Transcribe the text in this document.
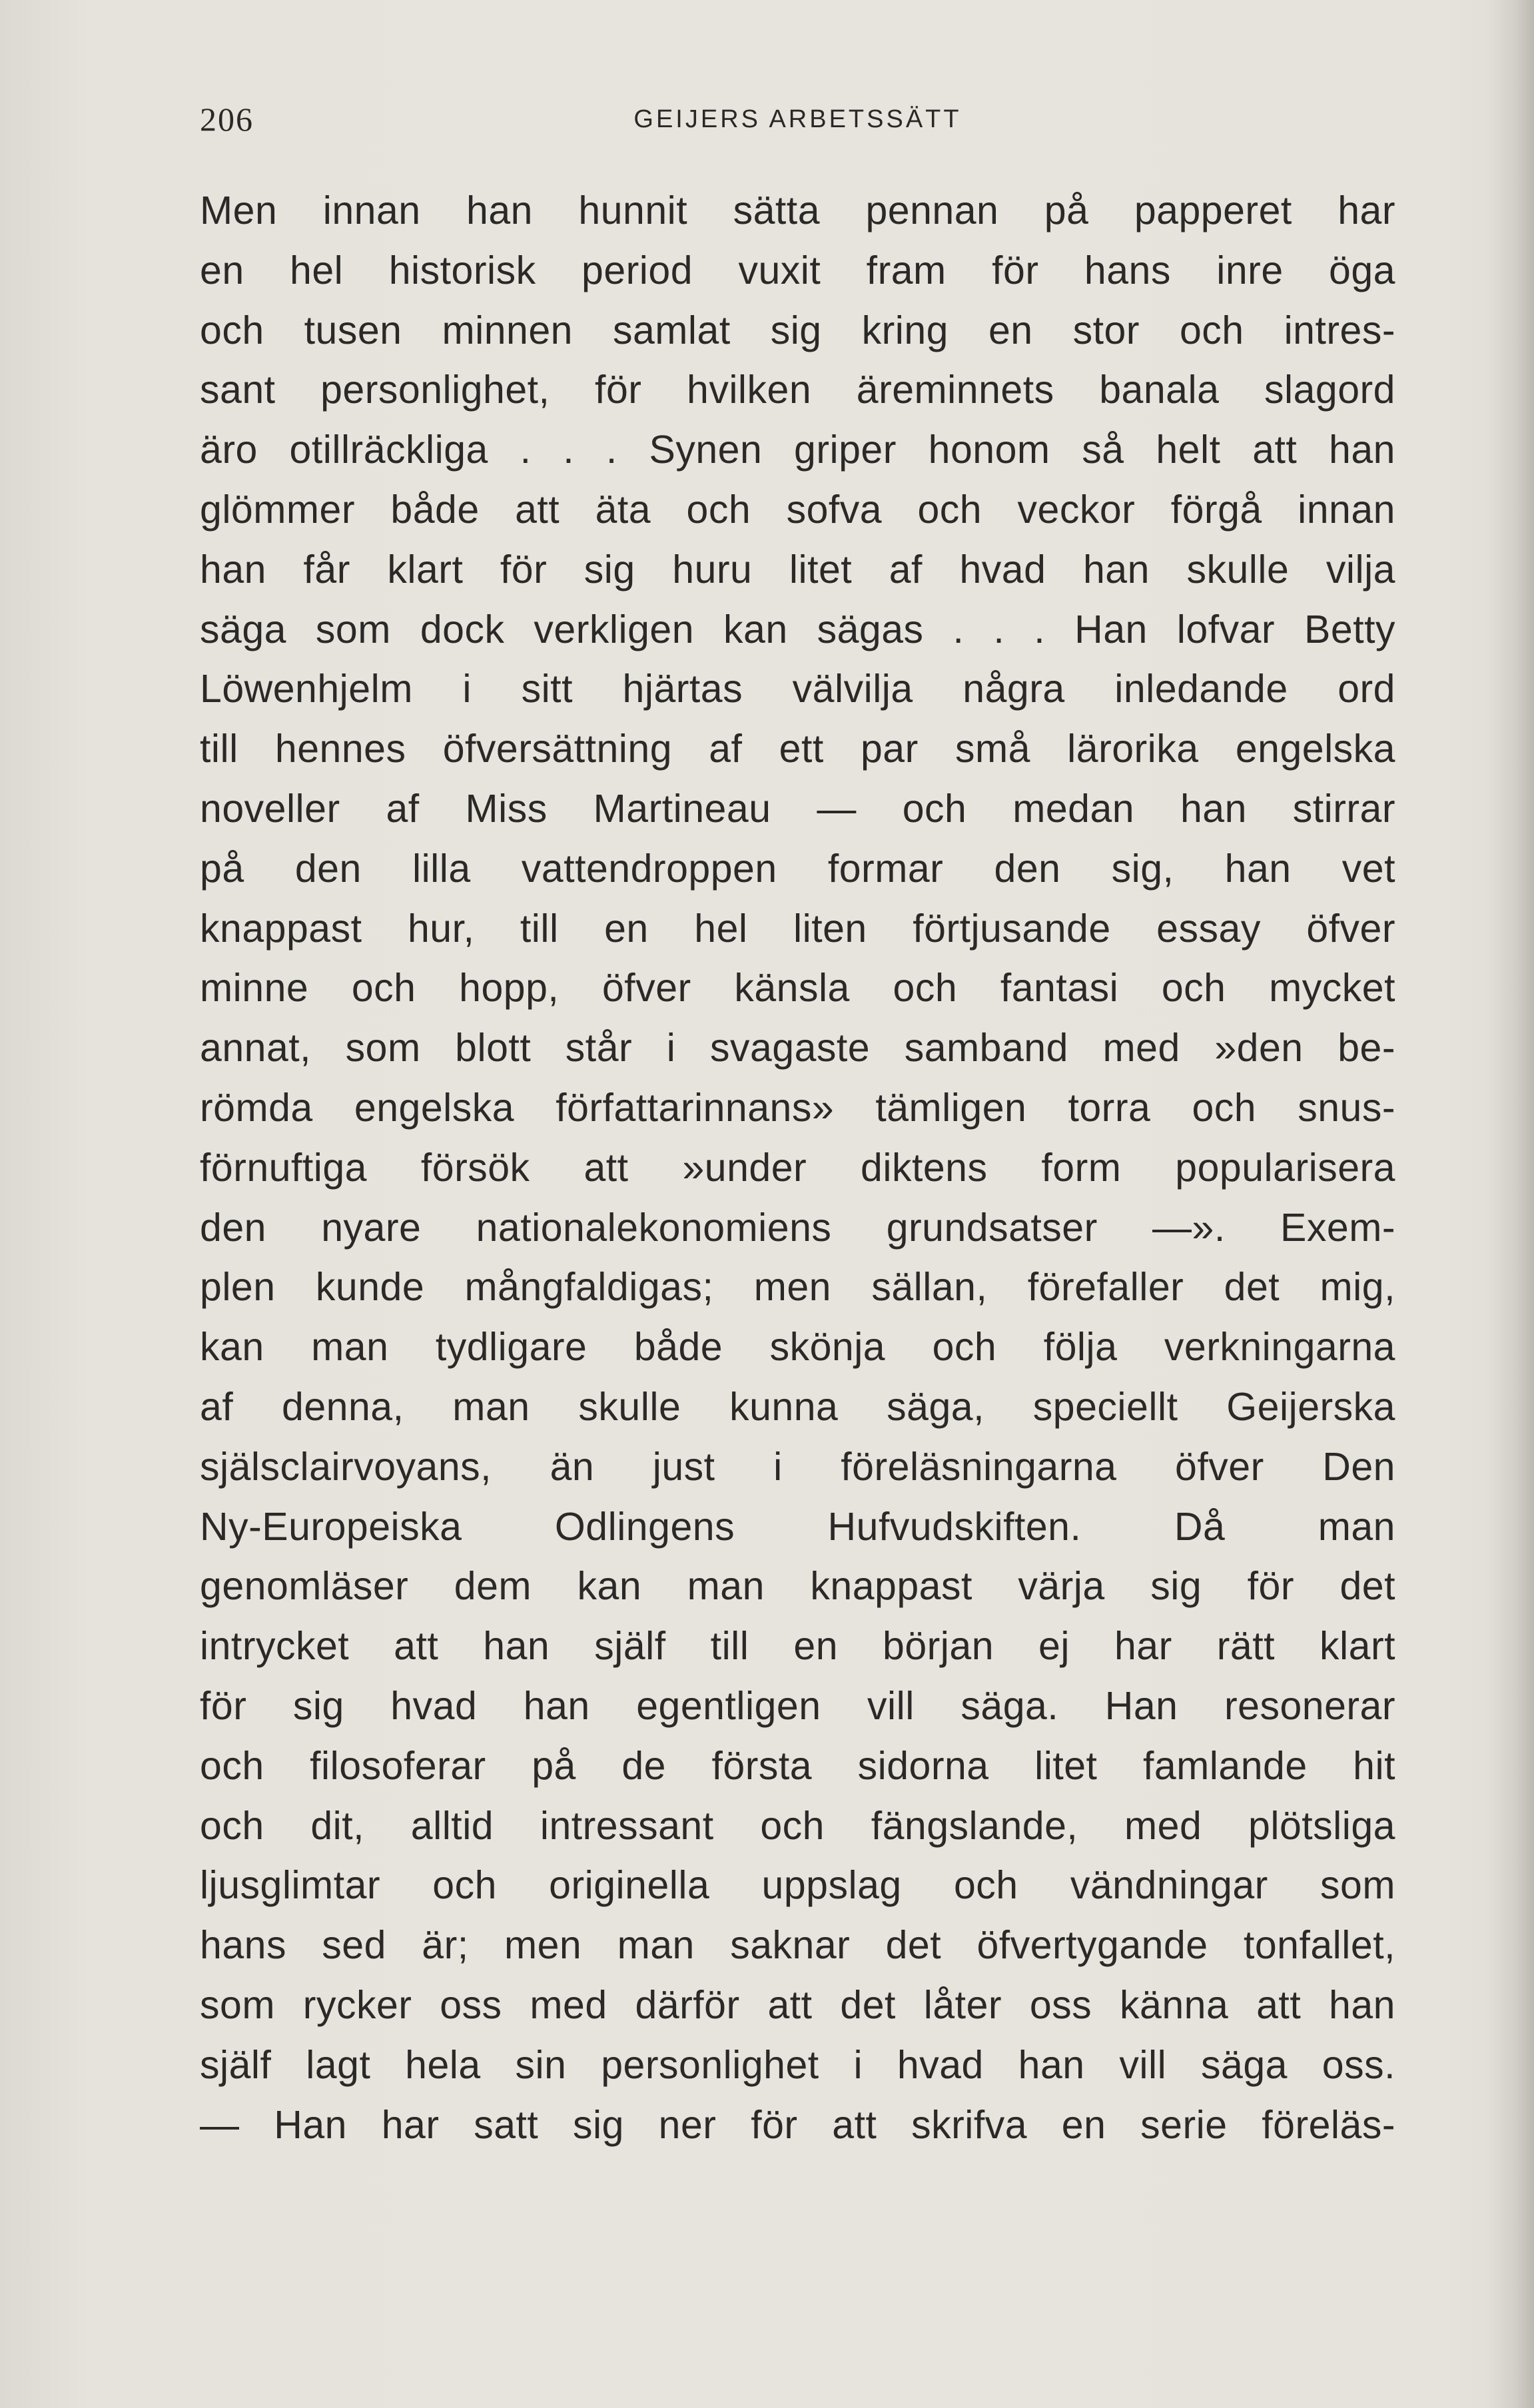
206	GEIJERS ARBETSSÄTT
Men innan han hunnit sätta pennan på papperet har
en hel historisk period vuxit fram för hans inre öga
och tusen minnen samlat sig kring en stor och intres-
sant personlighet, för hvilken äreminnets banala slagord
äro otillräckliga . . . Synen griper honom så helt att han
glömmer både att äta och sofva och veckor förgå innan
han får klart för sig huru litet af hvad han skulle vilja
säga som dock verkligen kan sägas . . . Han lofvar Betty
Löwenhjelm i sitt hjärtas välvilja några inledande ord
till hennes öfversättning af ett par små lärorika engelska
noveller af Miss Martineau — och medan han stirrar
på den lilla vattendroppen formar den sig, han vet
knappast hur, till en hel liten förtjusande essay öfver
minne och hopp, öfver känsla och fantasi och mycket
annat, som blott står i svagaste samband med »den be-
römda engelska författarinnans» tämligen torra och snus-
förnuftiga försök att »under diktens form popularisera
den nyare nationalekonomiens grundsatser —». Exem-
plen kunde mångfaldigas; men sällan, förefaller det mig,
kan man tydligare både skönja och följa verkningarna
af denna, man skulle kunna säga, speciellt Geijerska
själsclairvoyans, än just i föreläsningarna öfver Den
Ny-Europeiska Odlingens Hufvudskiften. Då man
genomläser dem kan man knappast värja sig för det
intrycket att han själf till en början ej har rätt klart
för sig hvad han egentligen vill säga. Han resonerar
och filosoferar på de första sidorna litet famlande hit
och dit, alltid intressant och fängslande, med plötsliga
ljusglimtar och originella uppslag och vändningar som
hans sed är; men man saknar det öfvertygande tonfallet,
som rycker oss med därför att det låter oss känna att han
själf lagt hela sin personlighet i hvad han vill säga oss.
— Han har satt sig ner för att skrifva en serie föreläs-
